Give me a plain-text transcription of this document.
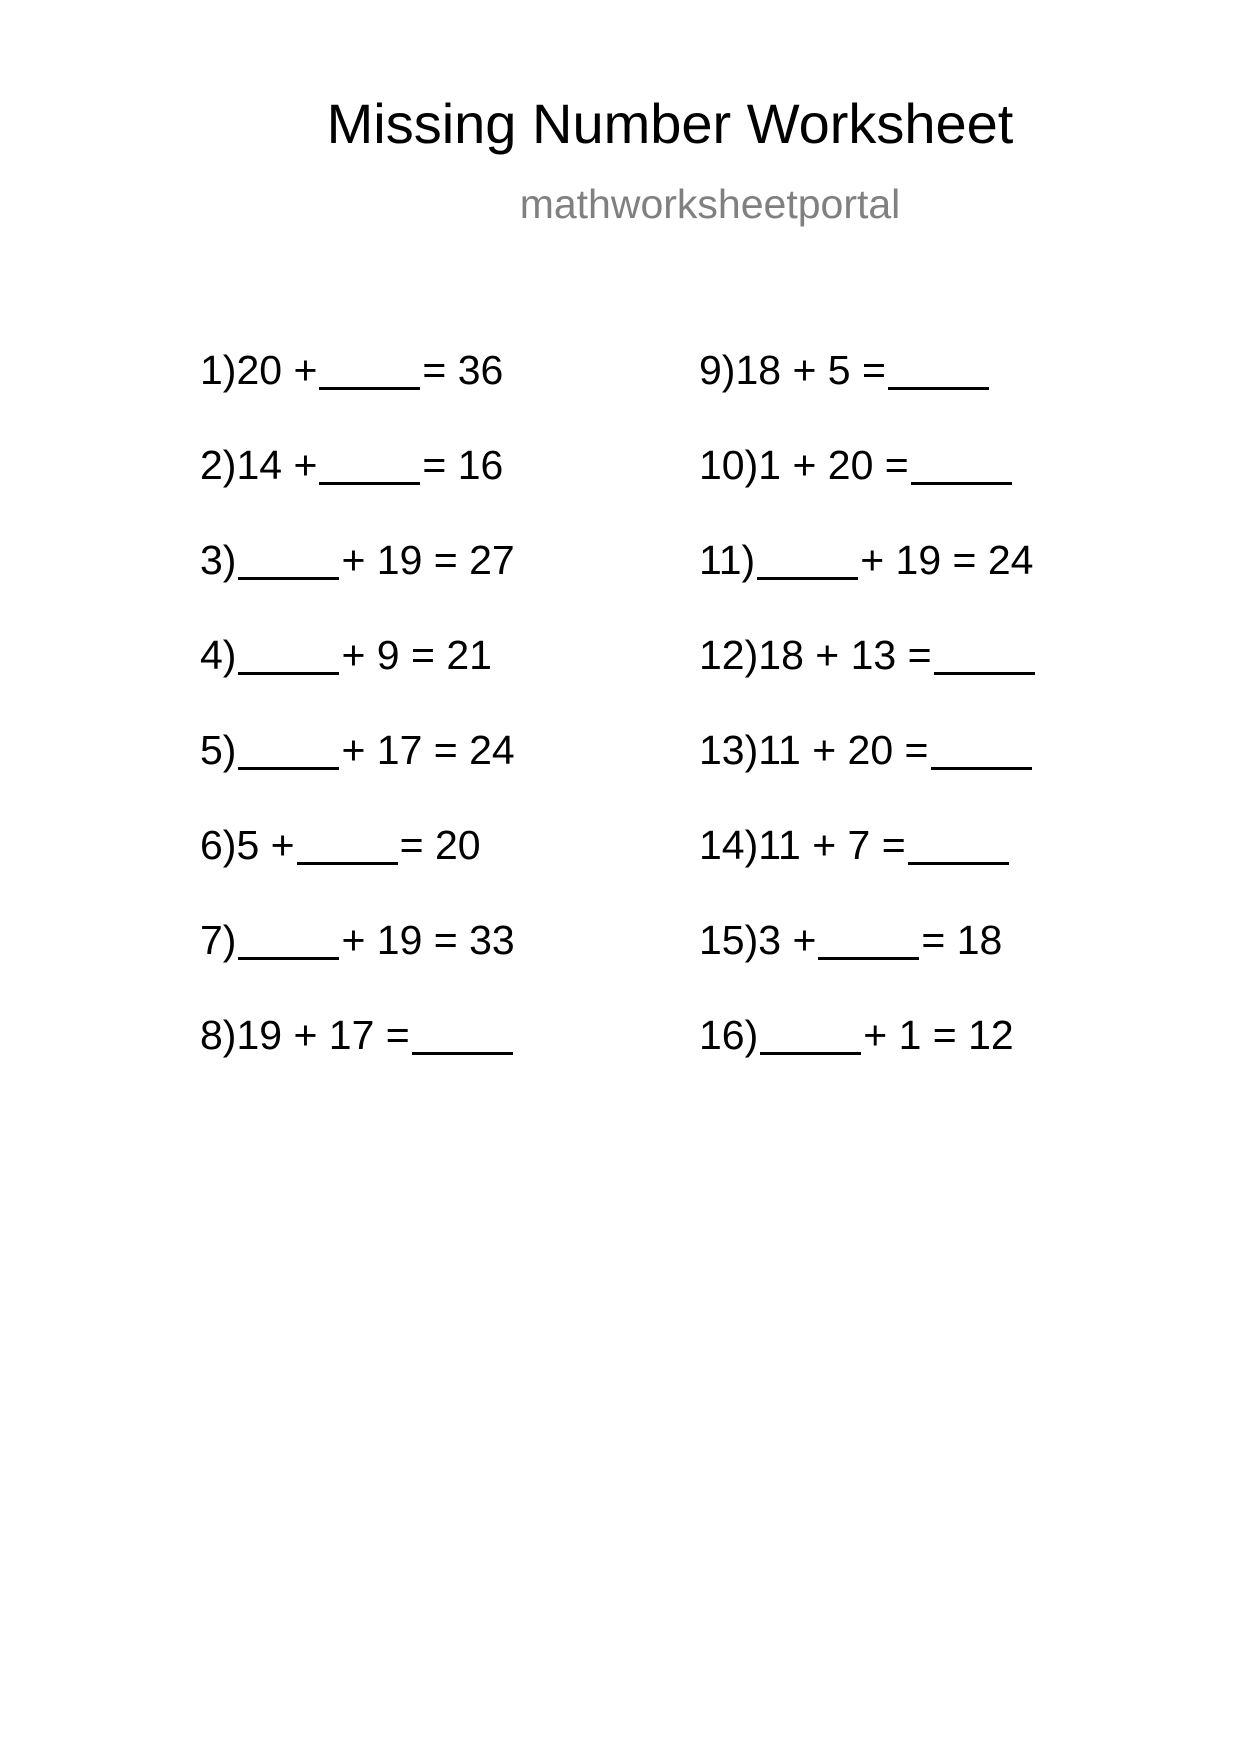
Missing Number Worksheet
mathworksheetportal
1) 20 +	= 36
2) 14 +	= 16
3)	+ 19 = 27
4)	+ 9 = 21
5)	+ 17 = 24
6) 5 +	= 20
7)	+ 19 = 33
8) 19 + 17 =
9) 18 + 5 =
10) 1 + 20 =
11)	+ 19 = 24
12) 18 + 13 =
13) 11 + 20 =
14) 11 + 7 =
15) 3 +	= 18
16)	+ 1 = 12
